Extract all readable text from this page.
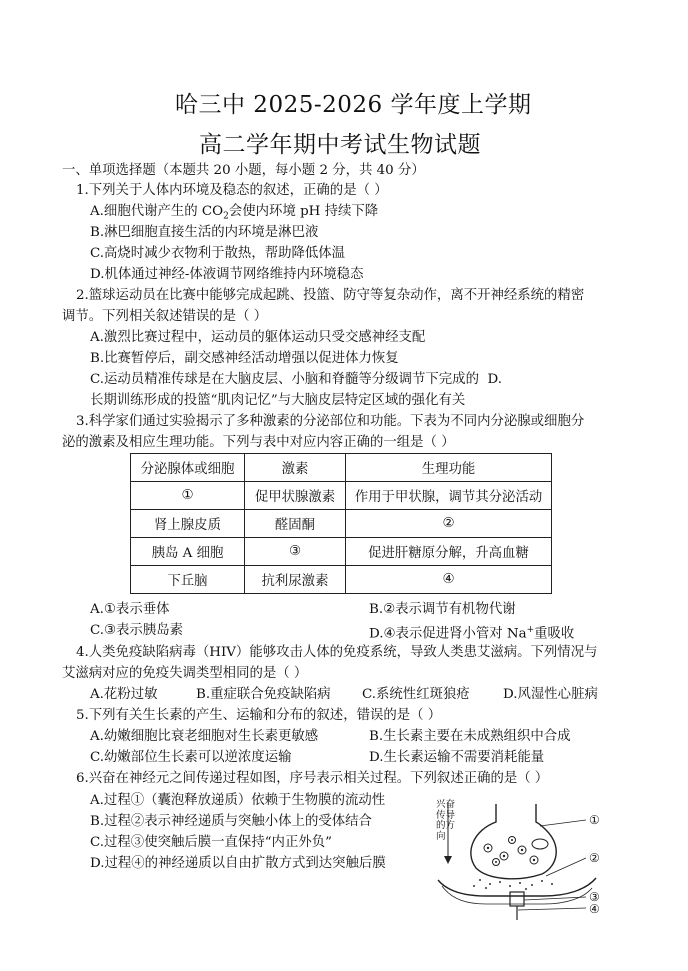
哈三中 2025-2026 学年度上学期
高二学年期中考试生物试题
一、单项选择题（本题共 20 小题，每小题 2 分，共 40 分）
1.下列关于人体内环境及稳态的叙述，正确的是（ ）
A.细胞代谢产生的 $CO_2$会使内环境 pH 持续下降
B.淋巴细胞直接生活的内环境是淋巴液
C.高烧时减少衣物利于散热，帮助降低体温
D.机体通过神经-体液调节网络维持内环境稳态
2.篮球运动员在比赛中能够完成起跳、投篮、防守等复杂动作，离不开神经系统的精密
调节。下列相关叙述错误的是（ ）
A.激烈比赛过程中，运动员的躯体运动只受交感神经支配
B.比赛暂停后，副交感神经活动增强以促进体力恢复
C.运动员精准传球是在大脑皮层、小脑和脊髓等分级调节下完成的 D.
长期训练形成的投篮“肌肉记忆”与大脑皮层特定区域的强化有关
3.科学家们通过实验揭示了多种激素的分泌部位和功能。下表为不同内分泌腺或细胞分
泌的激素及相应生理功能。下列与表中对应内容正确的一组是（ ）
分泌腺体或细胞	激素	生理功能
①	促甲状腺激素	作用于甲状腺，调节其分泌活动
肾上腺皮质	醛固酮	②
胰岛 A 细胞	③	促进肝糖原分解，升高血糖
下丘脑	抗利尿激素	④
A.①表示垂体	B.②表示调节有机物代谢
C.③表示胰岛素	D.④表示促进肾小管对 Na+重吸收
4.人类免疫缺陷病毒（HIV）能够攻击人体的免疫系统，导致人类患艾滋病。下列情况与
艾滋病对应的免疫失调类型相同的是（ ）
A.花粉过敏	B.重症联合免疫缺陷病 C.系统性红斑狼疮 D.风湿性心脏病
5.下列有关生长素的产生、运输和分布的叙述，错误的是（ ）
A.幼嫩细胞比衰老细胞对生长素更敏感	B.生长素主要在未成熟组织中合成
C.幼嫩部位生长素可以逆浓度运输	D.生长素运输不需要消耗能量
6.兴奋在神经元之间传递过程如图，序号表示相关过程。下列叙述正确的是（ ）
A.过程①（囊泡释放递质）依赖于生物膜的流动性
B.过程②表示神经递质与突触小体上的受体结合
C.过程③使突触后膜一直保持“内正外负”
D.过程④的神经递质以自由扩散方式到达突触后膜
兴奋传导的方向
①
②
③
④
